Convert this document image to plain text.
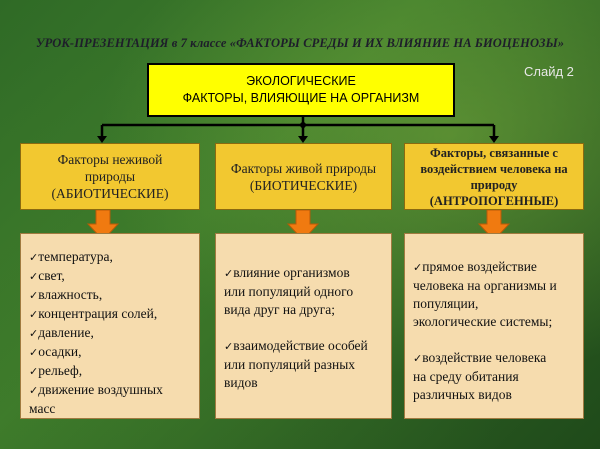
УРОК-ПРЕЗЕНТАЦИЯ в 7 классе «ФАКТОРЫ СРЕДЫ И ИХ ВЛИЯНИЕ НА БИОЦЕНОЗЫ»
Слайд 2
ЭКОЛОГИЧЕСКИЕ
ФАКТОРЫ, ВЛИЯЮЩИЕ НА ОРГАНИЗМ
Факторы неживой
природы
(АБИОТИЧЕСКИЕ)
Факторы живой природы
(БИОТИЧЕСКИЕ)
Факторы, связанные с
воздействием человека на
природу
(АНТРОПОГЕННЫЕ)
✓температура,
✓свет,
✓влажность,
✓концентрация солей,
✓давление,
✓осадки,
✓рельеф,
✓движение воздушных
масс
✓влияние организмов
или популяций одного
вида друг на друга;
✓взаимодействие особей
или популяций разных
видов
✓прямое воздействие
человека на организмы и
популяции,
экологические системы;
✓воздействие человека
на среду обитания
различных видов
